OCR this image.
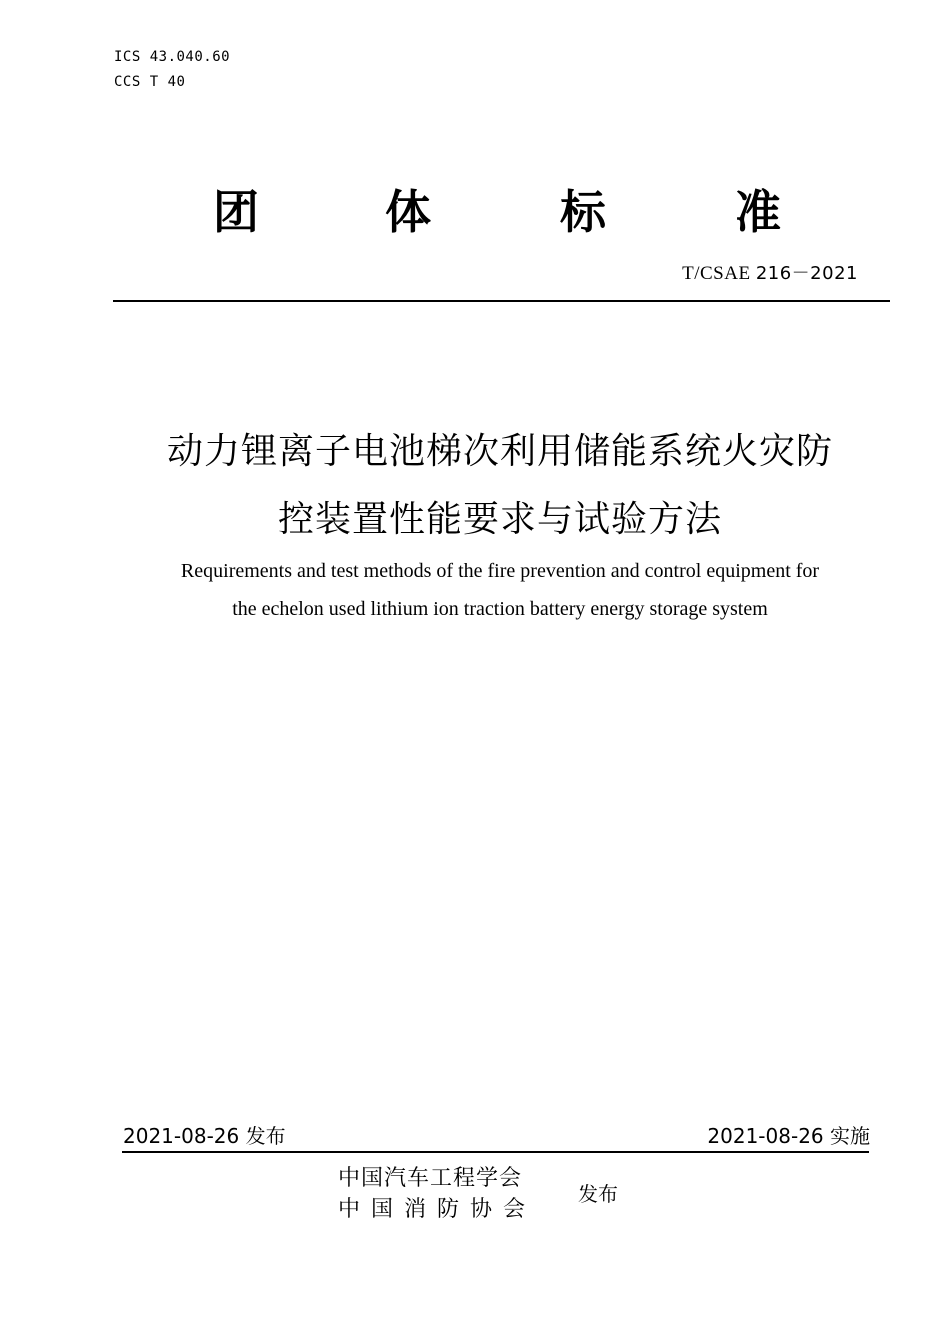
ICS 43.040.60
CCS T 40
团	体	标	准
T/CSAE 216－2021
动力锂离子电池梯次利用储能系统火灾防
控装置性能要求与试验方法
Requirements and test methods of the fire prevention and control equipment for
the echelon used lithium ion traction battery energy storage system
2021-08-26 发布	2021-08-26 实施
中国汽车工程学会
中国消防协会
发布
